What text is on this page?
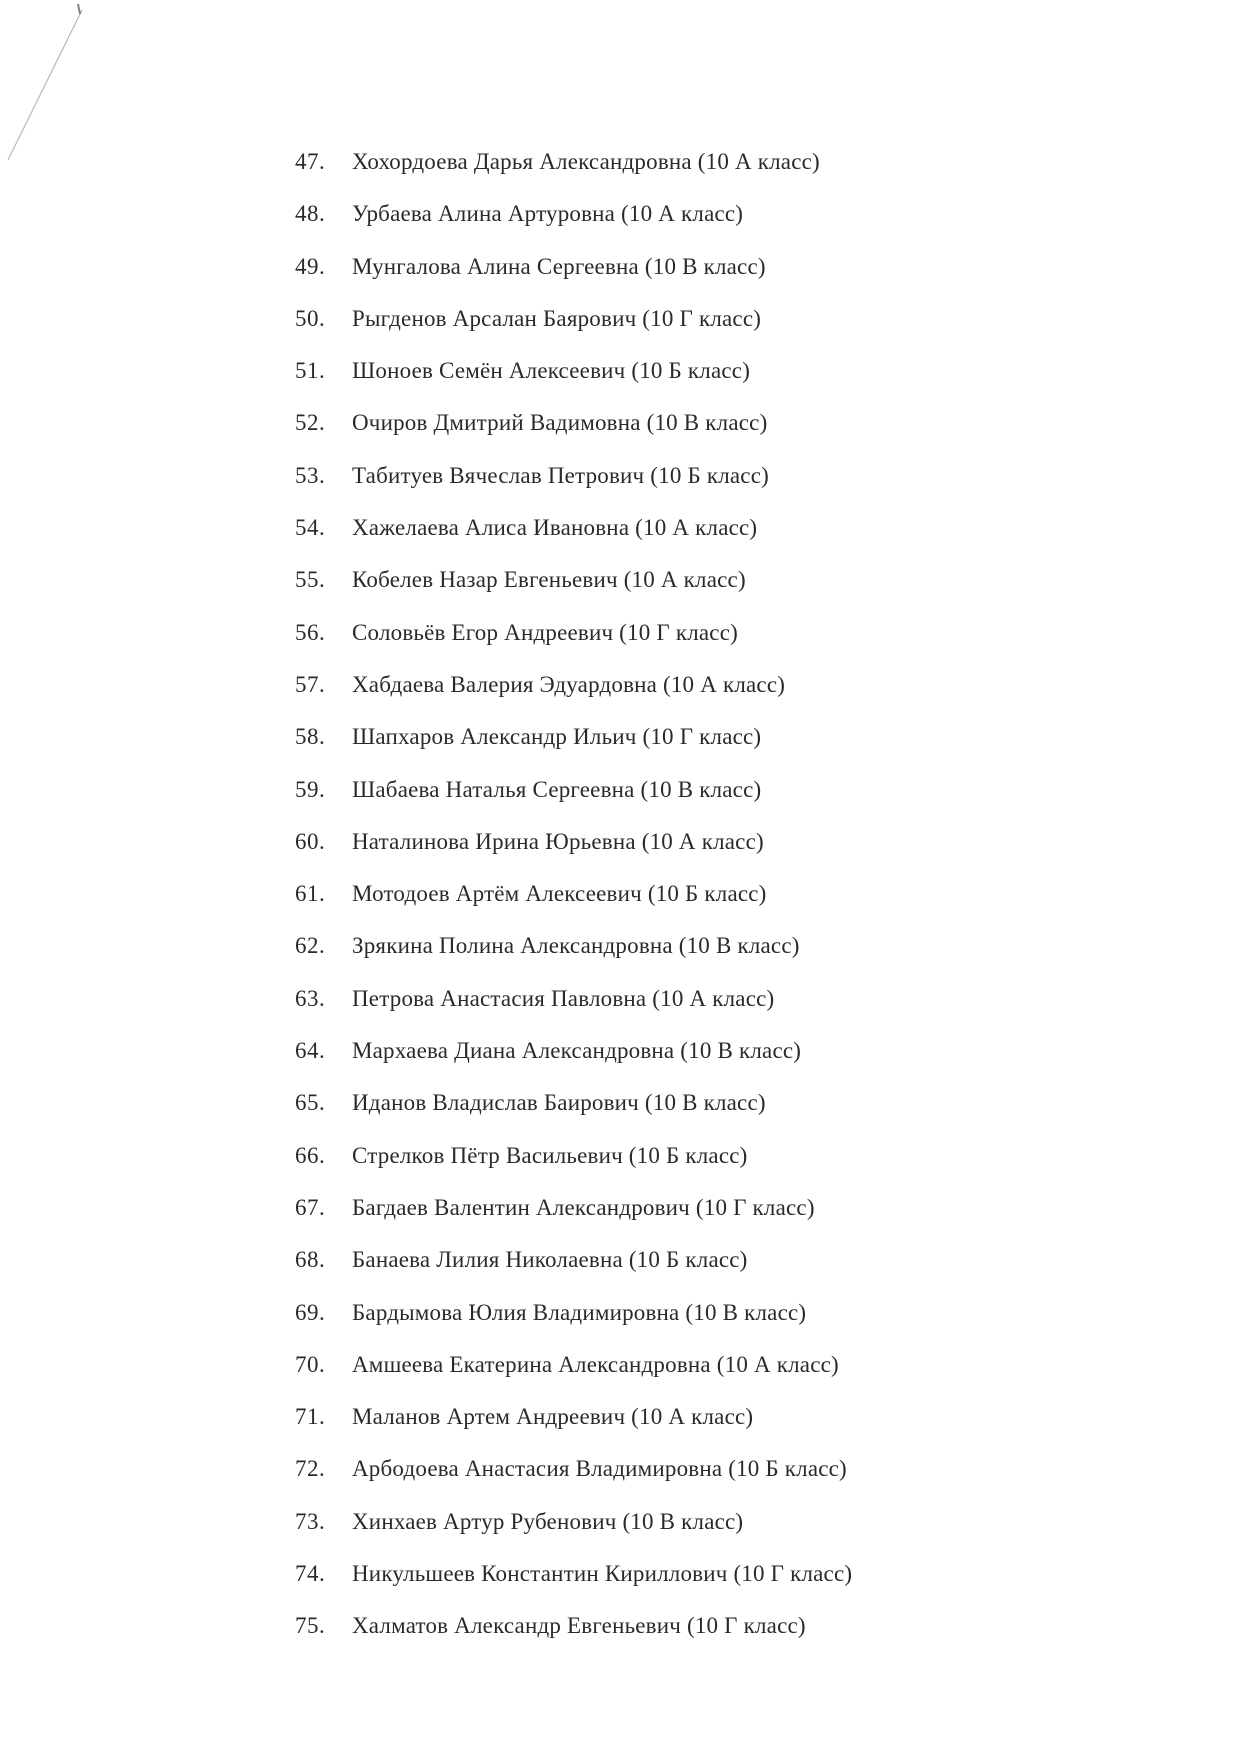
47. Хохордоева Дарья Александровна (10 А класс)
48. Урбаева Алина Артуровна (10 А класс)
49. Мунгалова Алина Сергеевна (10 В класс)
50. Рыгденов Арсалан Баярович (10 Г класс)
51. Шоноев Семён Алексеевич (10 Б класс)
52. Очиров Дмитрий Вадимовна (10 В класс)
53. Табитуев Вячеслав Петрович (10 Б класс)
54. Хажелаева Алиса Ивановна (10 А класс)
55. Кобелев Назар Евгеньевич (10 А класс)
56. Соловьёв Егор Андреевич (10 Г класс)
57. Хабдаева Валерия Эдуардовна (10 А класс)
58. Шапхаров Александр Ильич (10 Г класс)
59. Шабаева Наталья Сергеевна (10 В класс)
60. Наталинова Ирина Юрьевна (10 А класс)
61. Мотодоев Артём Алексеевич (10 Б класс)
62. Зрякина Полина Александровна (10 В класс)
63. Петрова Анастасия Павловна (10 А класс)
64. Мархаева Диана Александровна (10 В класс)
65. Иданов Владислав Баирович (10 В класс)
66. Стрелков Пётр Васильевич (10 Б класс)
67. Багдаев Валентин Александрович (10 Г класс)
68. Банаева Лилия Николаевна (10 Б класс)
69. Бардымова Юлия Владимировна (10 В класс)
70. Амшеева Екатерина Александровна (10 А класс)
71. Маланов Артем Андреевич (10 А класс)
72. Арбодоева Анастасия Владимировна (10 Б класс)
73. Хинхаев Артур Рубенович (10 В класс)
74. Никульшеев Константин Кириллович (10 Г класс)
75. Халматов Александр Евгеньевич (10 Г класс)
